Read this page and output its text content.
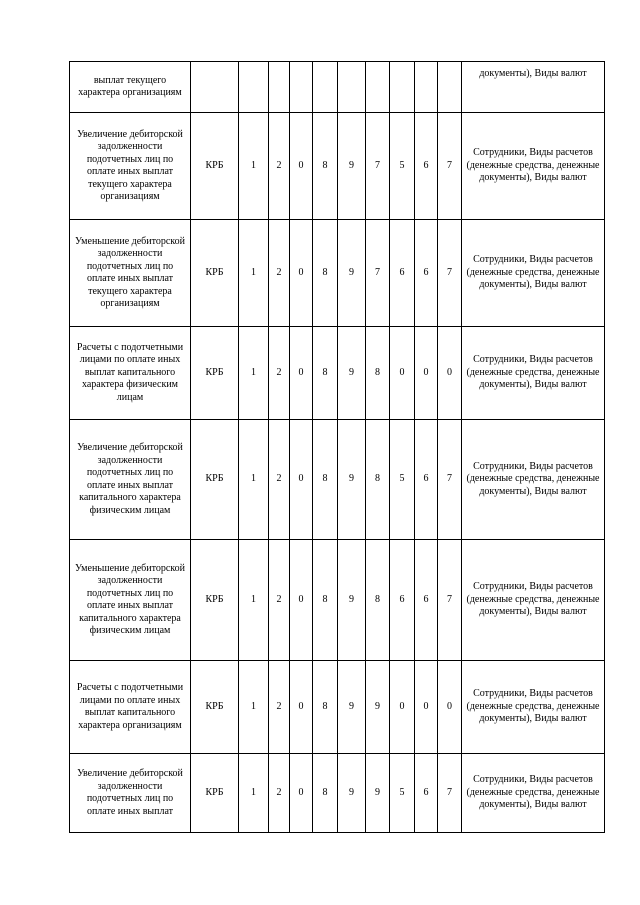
выплат текущего характера организациям											документы), Виды валют
Увеличение дебиторской задолженности подотчетных лиц по оплате иных выплат текущего характера организациям	КРБ	1	2	0	8	9	7	5	6	7	Сотрудники, Виды расчетов (денежные средства, денежные документы), Виды валют
Уменьшение дебиторской задолженности подотчетных лиц по оплате иных выплат текущего характера организациям	КРБ	1	2	0	8	9	7	6	6	7	Сотрудники, Виды расчетов (денежные средства, денежные документы), Виды валют
Расчеты с подотчетными лицами по оплате иных выплат капитального характера физическим лицам	КРБ	1	2	0	8	9	8	0	0	0	Сотрудники, Виды расчетов (денежные средства, денежные документы), Виды валют
Увеличение дебиторской задолженности подотчетных лиц по оплате иных выплат капитального характера физическим лицам	КРБ	1	2	0	8	9	8	5	6	7	Сотрудники, Виды расчетов (денежные средства, денежные документы), Виды валют
Уменьшение дебиторской задолженности подотчетных лиц по оплате иных выплат капитального характера физическим лицам	КРБ	1	2	0	8	9	8	6	6	7	Сотрудники, Виды расчетов (денежные средства, денежные документы), Виды валют
Расчеты с подотчетными лицами по оплате иных выплат капитального характера организациям	КРБ	1	2	0	8	9	9	0	0	0	Сотрудники, Виды расчетов (денежные средства, денежные документы), Виды валют
Увеличение дебиторской задолженности подотчетных лиц по оплате иных выплат	КРБ	1	2	0	8	9	9	5	6	7	Сотрудники, Виды расчетов (денежные средства, денежные документы), Виды валют
